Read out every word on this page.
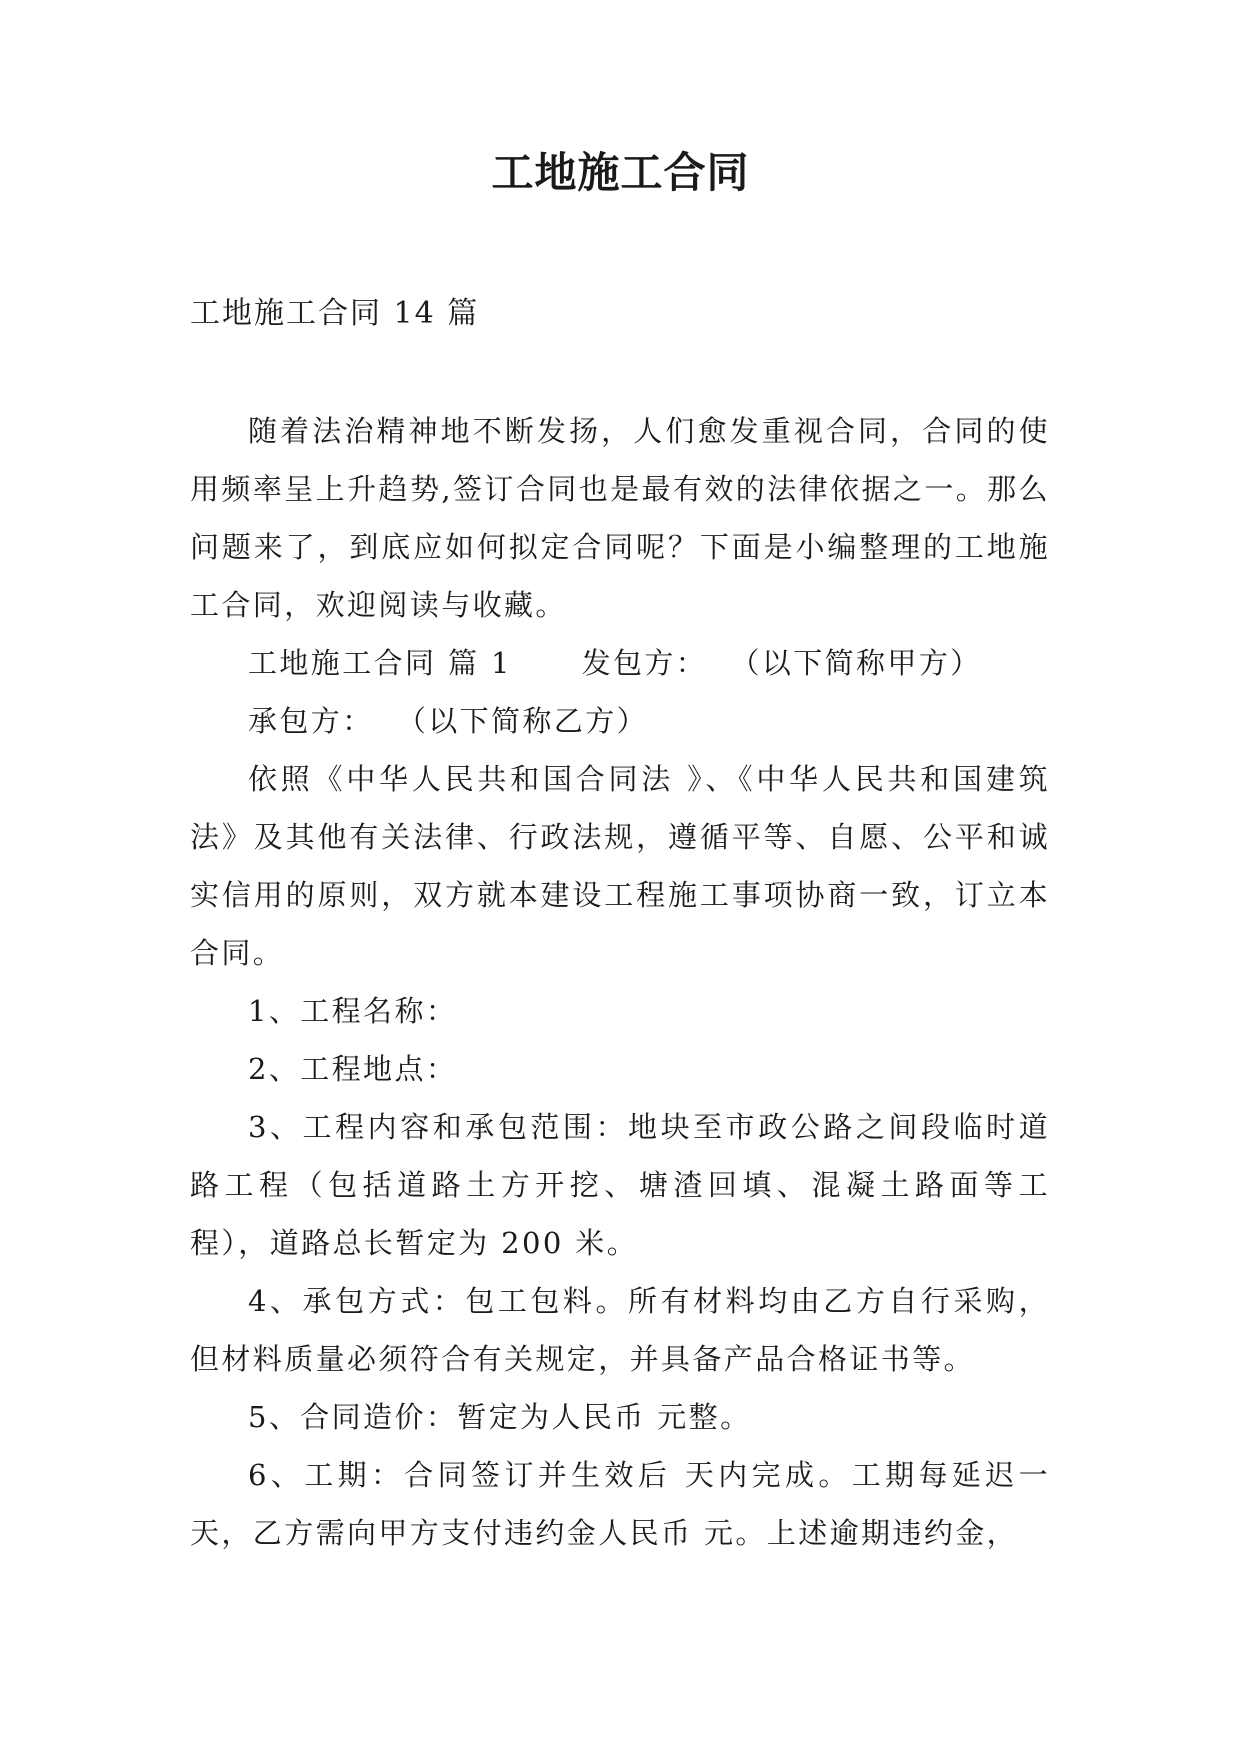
工地施工合同
工地施工合同 14 篇

随着法治精神地不断发扬，人们愈发重视合同，合同的使用频率呈上升趋势,签订合同也是最有效的法律依据之一。那么问题来了，到底应如何拟定合同呢？下面是小编整理的工地施工合同，欢迎阅读与收藏。

工地施工合同 篇 1      发包方：  （以下简称甲方）

承包方：  （以下简称乙方）

依照《中华人民共和国合同法 》、《中华人民共和国建筑法》及其他有关法律、行政法规，遵循平等、自愿、公平和诚实信用的原则，双方就本建设工程施工事项协商一致，订立本合同。

1、工程名称：

2、工程地点：

3、工程内容和承包范围：地块至市政公路之间段临时道路工程（包括道路土方开挖、塘渣回填、混凝土路面等工程），道路总长暂定为 200 米。

4、承包方式：包工包料。所有材料均由乙方自行采购，但材料质量必须符合有关规定，并具备产品合格证书等。

5、合同造价：暂定为人民币 元整。

6、工期：合同签订并生效后 天内完成。工期每延迟一天，乙方需向甲方支付违约金人民币 元。上述逾期违约金，
